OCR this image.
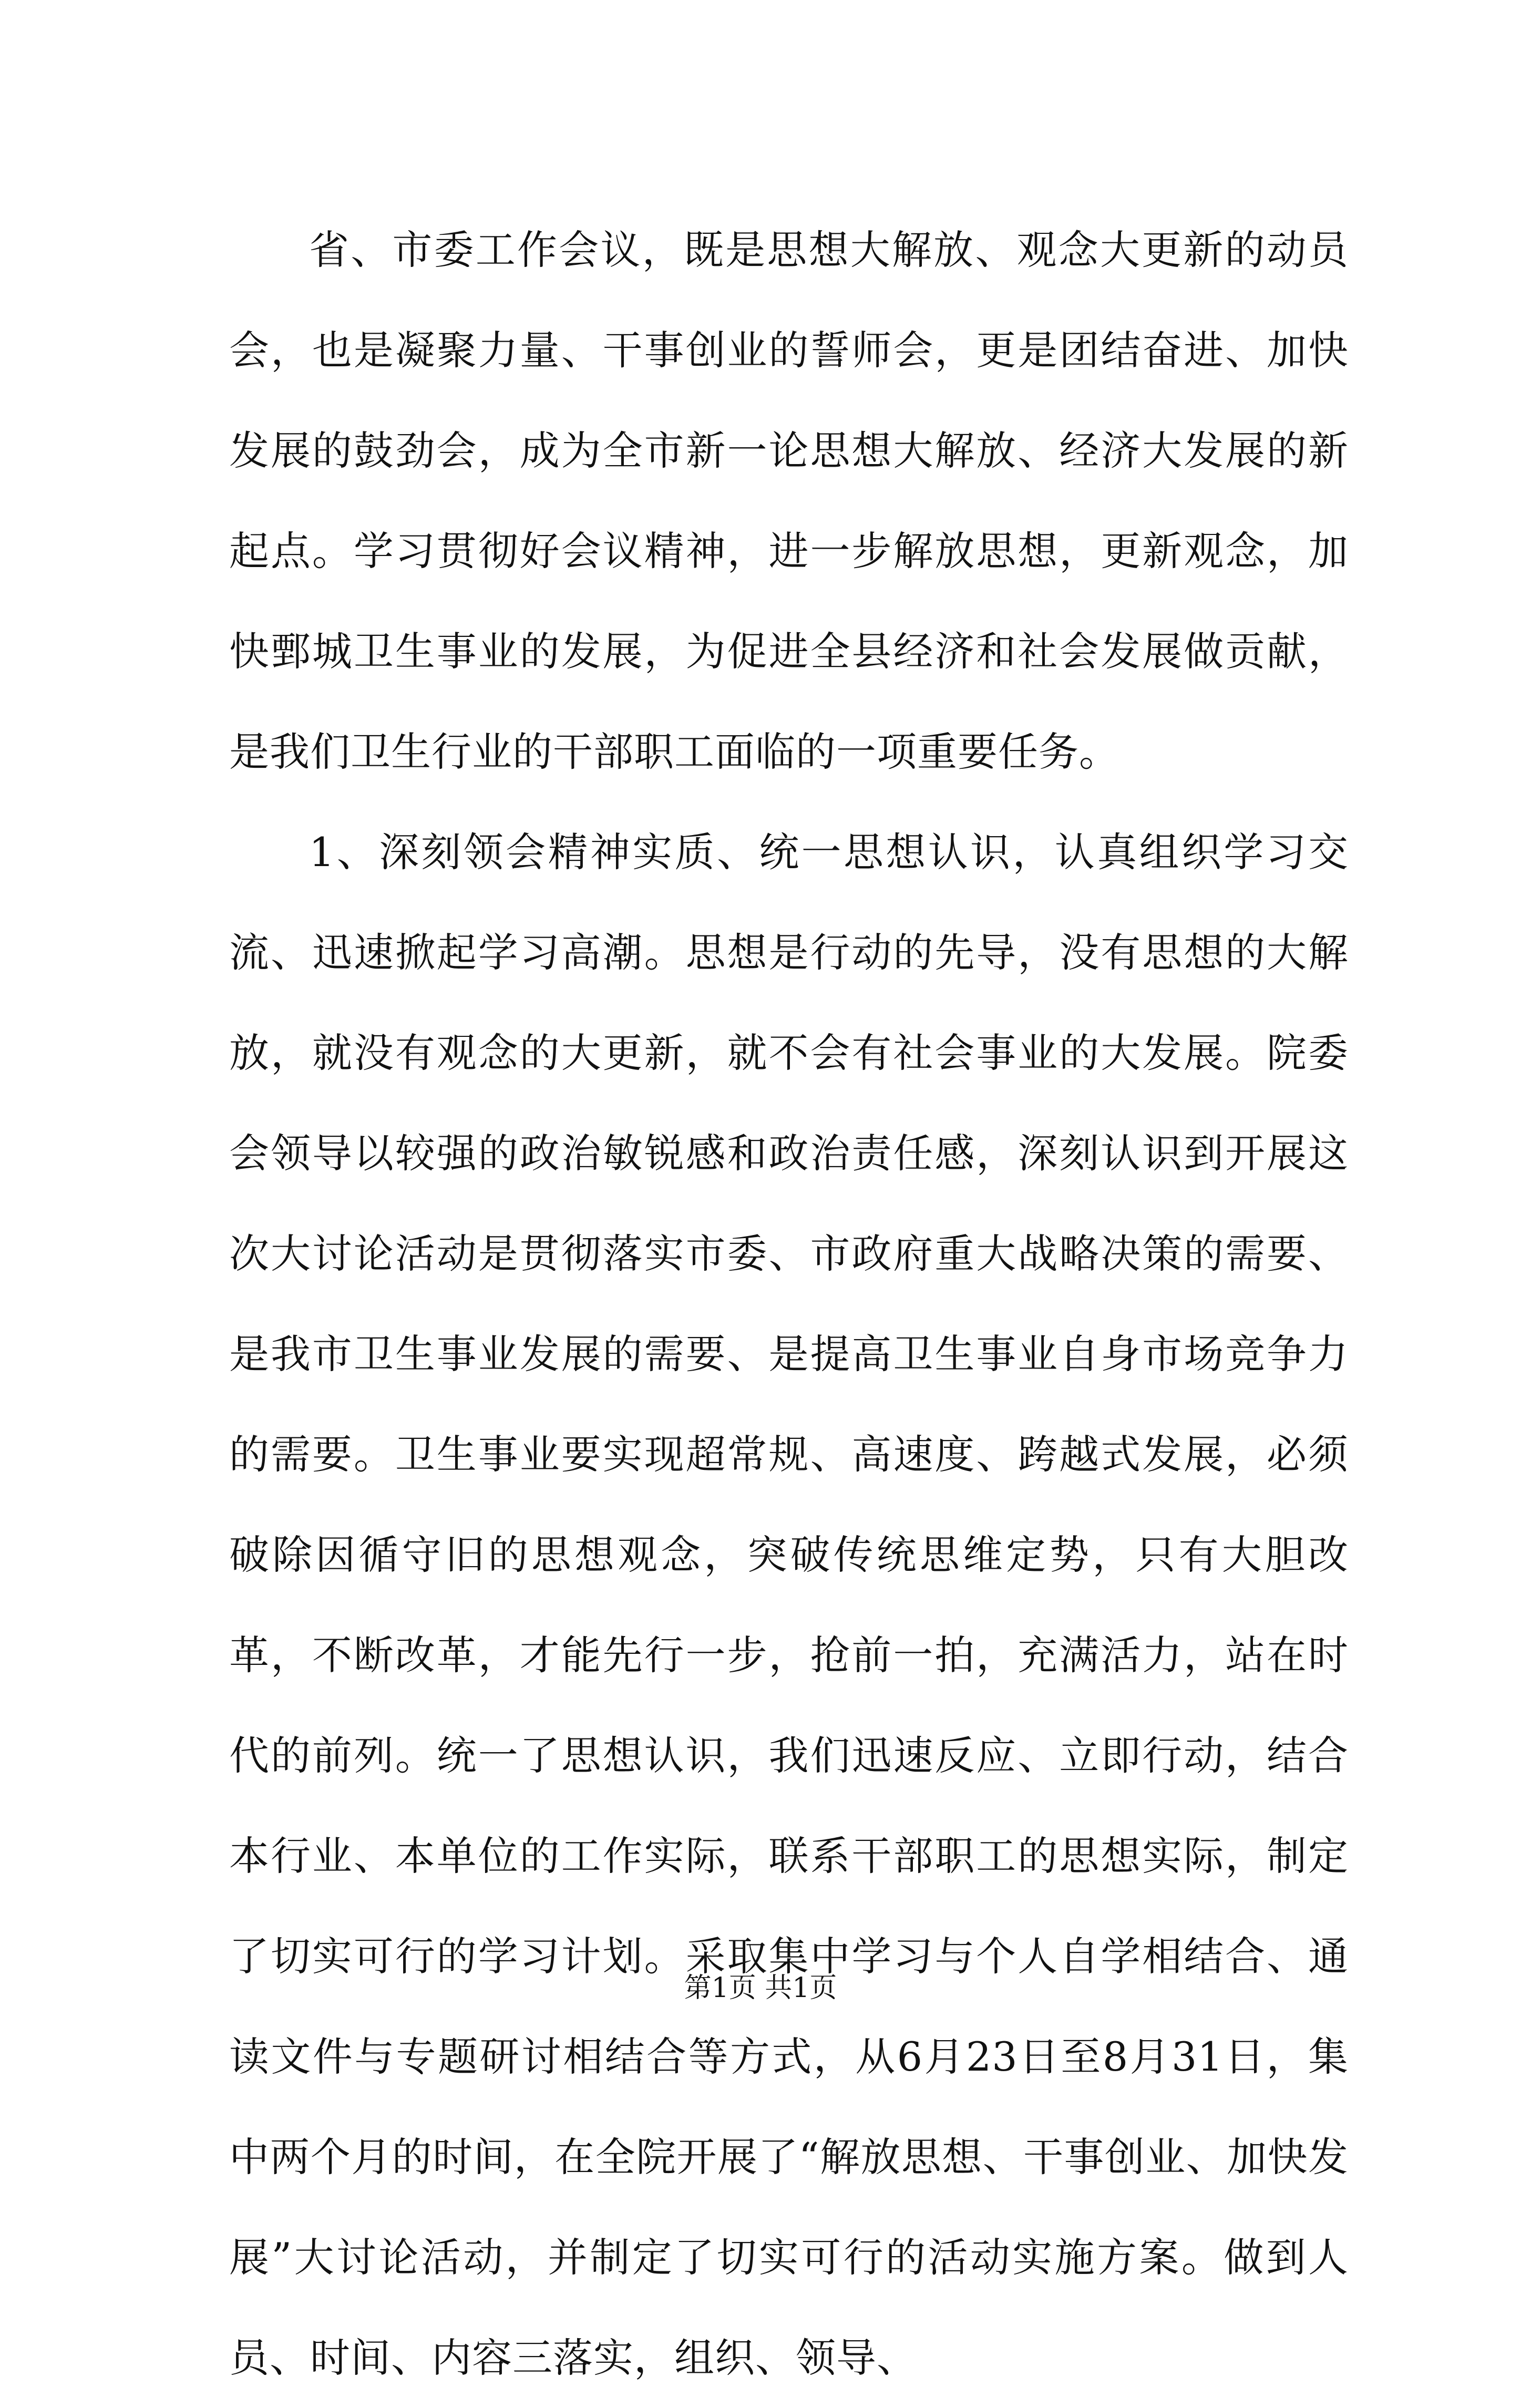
省、市委工作会议，既是思想大解放、观念大更新的动员会，也是凝聚力量、干事创业的誓师会，更是团结奋进、加快发展的鼓劲会，成为全市新一论思想大解放、经济大发展的新起点。学习贯彻好会议精神，进一步解放思想，更新观念，加快鄄城卫生事业的发展，为促进全县经济和社会发展做贡献，是我们卫生行业的干部职工面临的一项重要任务。

1、深刻领会精神实质、统一思想认识，认真组织学习交流、迅速掀起学习高潮。思想是行动的先导，没有思想的大解放，就没有观念的大更新，就不会有社会事业的大发展。院委会领导以较强的政治敏锐感和政治责任感，深刻认识到开展这次大讨论活动是贯彻落实市委、市政府重大战略决策的需要、是我市卫生事业发展的需要、是提高卫生事业自身市场竞争力的需要。卫生事业要实现超常规、高速度、跨越式发展，必须破除因循守旧的思想观念，突破传统思维定势，只有大胆改革，不断改革，才能先行一步，抢前一拍，充满活力，站在时代的前列。统一了思想认识，我们迅速反应、立即行动，结合本行业、本单位的工作实际，联系干部职工的思想实际，制定了切实可行的学习计划。采取集中学习与个人自学相结合、通读文件与专题研讨相结合等方式，从6月23日至8月31日，集中两个月的时间，在全院开展了“解放思想、干事创业、加快发展”大讨论活动，并制定了切实可行的活动实施方案。做到人员、时间、内容三落实，组织、领导、

第1页 共1页
